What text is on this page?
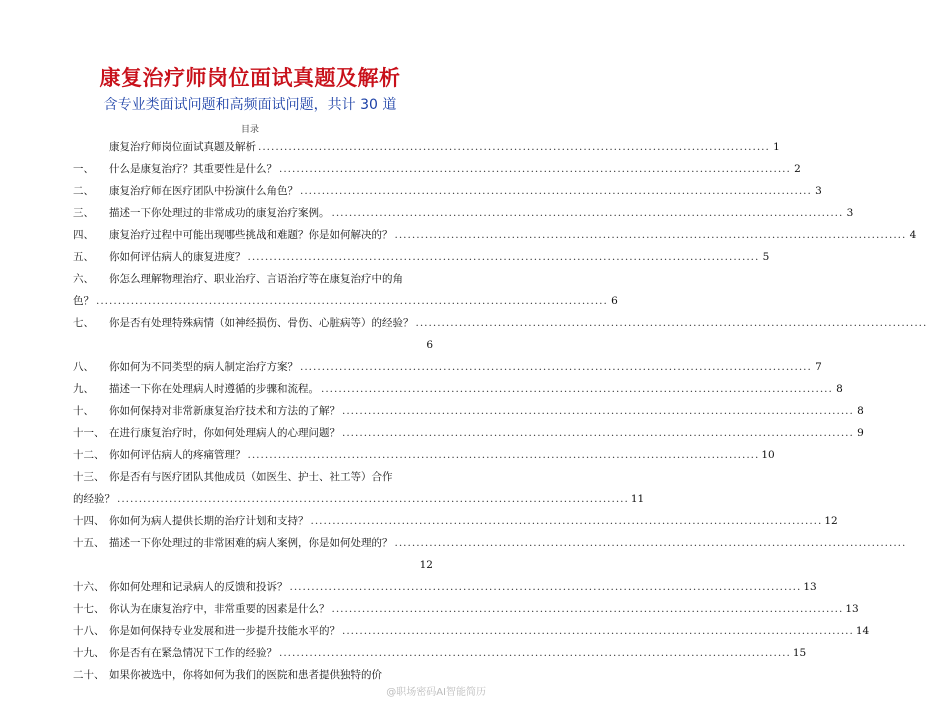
康复治疗师岗位面试真题及解析
含专业类面试问题和高频面试问题，共计 30 道
目录
康复治疗师岗位面试真题及解析 .....	1
一、	什么是康复治疗？其重要性是什么？ .....	2
二、	康复治疗师在医疗团队中扮演什么角色？ .....	3
三、	描述一下你处理过的非常成功的康复治疗案例。 .....	3
四、	康复治疗过程中可能出现哪些挑战和难题？你是如何解决的？ .....	4
五、	你如何评估病人的康复进度？ .....	5
六、	你怎么理解物理治疗、职业治疗、言语治疗等在康复治疗中的角
色？ .....	6
七、	你是否有处理特殊病情（如神经损伤、骨伤、心脏病等）的经验？
.....
6
八、	你如何为不同类型的病人制定治疗方案？ .....	7
九、	描述一下你在处理病人时遵循的步骤和流程。 .....	8
十、	你如何保持对非常新康复治疗技术和方法的了解？ .....	8
十一、 在进行康复治疗时，你如何处理病人的心理问题？ .....	9
十二、 你如何评估病人的疼痛管理？ .....	10
十三、 你是否有与医疗团队其他成员（如医生、护士、社工等）合作
的经验？ .....	11
十四、 你如何为病人提供长期的治疗计划和支持？ .....	12
十五、 描述一下你处理过的非常困难的病人案例，你是如何处理的？
.....
12
十六、 你如何处理和记录病人的反馈和投诉？ .....	13
十七、 你认为在康复治疗中，非常重要的因素是什么？ .....	13
十八、 你是如何保持专业发展和进一步提升技能水平的？ .....	14
十九、 你是否有在紧急情况下工作的经验？ .....	15
二十、 如果你被选中，你将如何为我们的医院和患者提供独特的价
@职场密码AI智能简历
